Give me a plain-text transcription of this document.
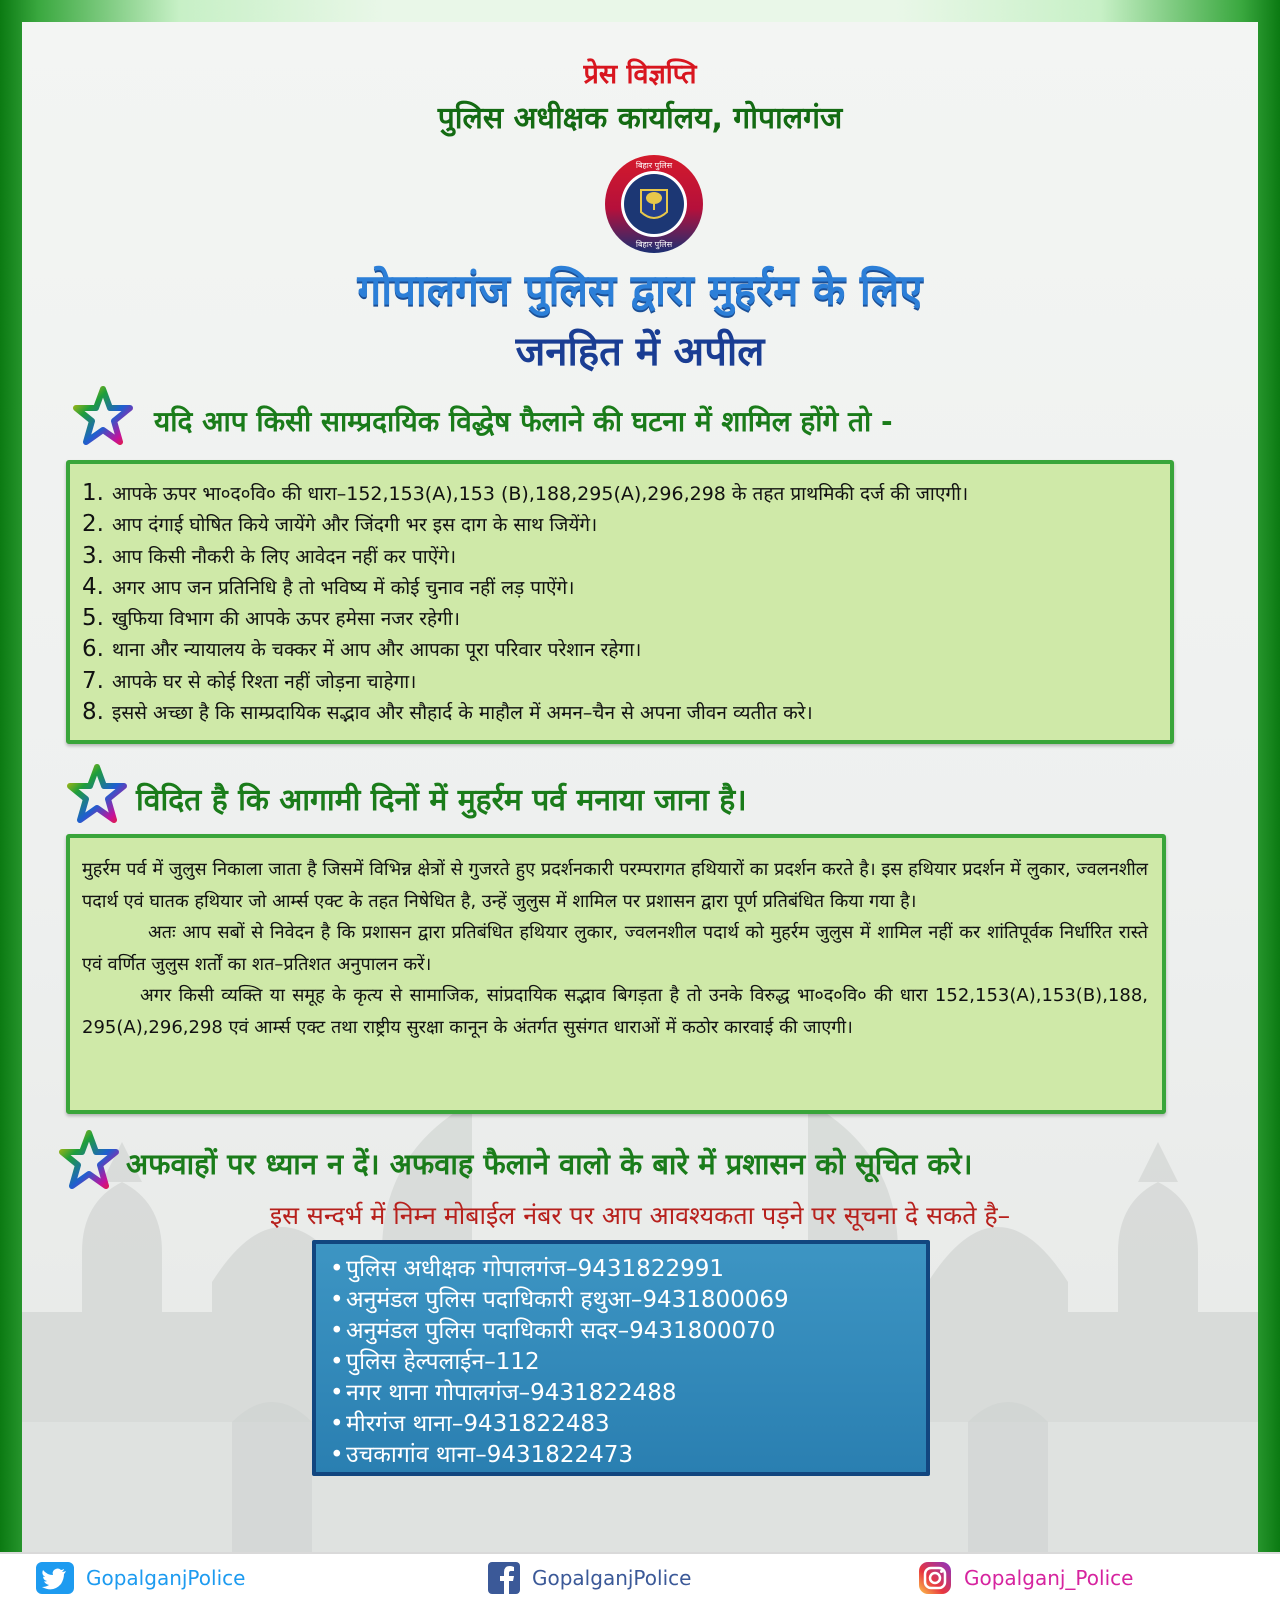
प्रेस विज्ञप्ति
पुलिस अधीक्षक कार्यालय, गोपालगंज
बिहार पुलिस
बिहार पुलिस
गोपालगंज पुलिस द्वारा मुहर्रम के लिए
जनहित में अपील
यदि आप किसी साम्प्रदायिक विद्धेष फैलाने की घटना में शामिल होंगे तो -
1. आपके ऊपर भा०द०वि० की धारा–152,153(A),153 (B),188,295(A),296,298 के तहत प्राथमिकी दर्ज की जाएगी।
2. आप दंगाई घोषित किये जायेंगे और जिंदगी भर इस दाग के साथ जियेंगे।
3. आप किसी नौकरी के लिए आवेदन नहीं कर पाऐंगे।
4. अगर आप जन प्रतिनिधि है तो भविष्य में कोई चुनाव नहीं लड़ पाऐंगे।
5. खुफिया विभाग की आपके ऊपर हमेसा नजर रहेगी।
6. थाना और न्यायालय के चक्कर में आप और आपका पूरा परिवार परेशान रहेगा।
7. आपके घर से कोई रिश्ता नहीं जोड़ना चाहेगा।
8. इससे अच्छा है कि साम्प्रदायिक सद्भाव और सौहार्द के माहौल में अमन–चैन से अपना जीवन व्यतीत करे।
विदित है कि आगामी दिनों में मुहर्रम पर्व मनाया जाना है।

मुहर्रम पर्व में जुलुस निकाला जाता है जिसमें विभिन्न क्षेत्रों से गुजरते हुए प्रदर्शनकारी परम्परागत हथियारों का प्रदर्शन करते है। इस हथियार प्रदर्शन में लुकार, ज्वलनशील पदार्थ एवं घातक हथियार जो आर्म्स एक्ट के तहत निषेधित है, उन्हें जुलुस में शामिल पर प्रशासन द्वारा पूर्ण प्रतिबंधित किया गया है।

अतः आप सबों से निवेदन है कि प्रशासन द्वारा प्रतिबंधित हथियार लुकार, ज्वलनशील पदार्थ को मुहर्रम जुलुस में शामिल नहीं कर शांतिपूर्वक निर्धारित रास्ते एवं वर्णित जुलुस शर्तों का शत–प्रतिशत अनुपालन करें।

अगर किसी व्यक्ति या समूह के कृत्य से सामाजिक, सांप्रदायिक सद्भाव बिगड़ता है तो उनके विरुद्ध भा०द०वि० की धारा 152,153(A),153(B),188, 295(A),296,298 एवं आर्म्स एक्ट तथा राष्ट्रीय सुरक्षा कानून के अंतर्गत सुसंगत धाराओं में कठोर कारवाई की जाएगी।

अफवाहों पर ध्यान न दें। अफवाह फैलाने वालो के बारे में प्रशासन को सूचित करे।
इस सन्दर्भ में निम्न मोबाईल नंबर पर आप आवश्यकता पड़ने पर सूचना दे सकते है–
• पुलिस अधीक्षक गोपालगंज–9431822991
• अनुमंडल पुलिस पदाधिकारी हथुआ–9431800069
• अनुमंडल पुलिस पदाधिकारी सदर–9431800070
• पुलिस हेल्पलाईन–112
• नगर थाना गोपालगंज–9431822488
• मीरगंज थाना–9431822483
• उचकागांव थाना–9431822473
GopalganjPolice	GopalganjPolice	Gopalganj_Police
